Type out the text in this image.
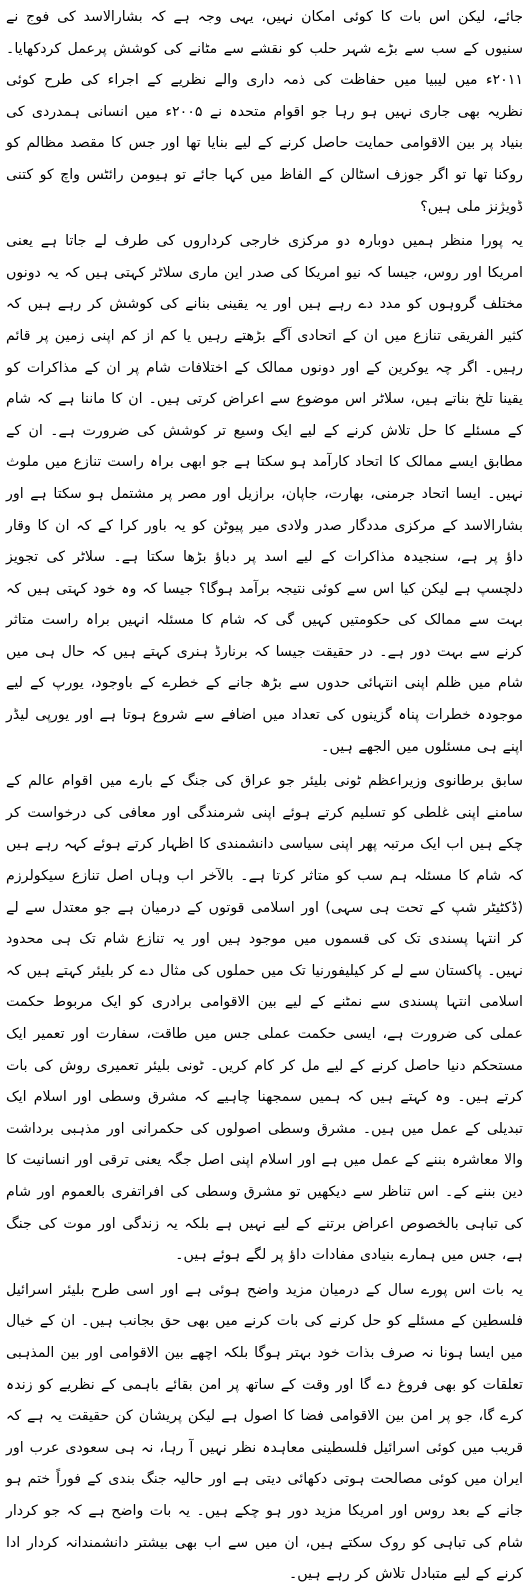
جائے، لیکن اس بات کا کوئی امکان نہیں، یہی وجہ ہے کہ بشارالاسد کی فوج نے سنیوں کے سب سے بڑے شہر حلب کو نقشے سے مٹانے کی کوشش پرعمل کردکھایا۔ ۲۰۱۱ء میں لیبیا میں حفاظت کی ذمہ داری والے نظریے کے اجراء کی طرح کوئی نظریہ بھی جاری نہیں ہو رہا جو اقوام متحدہ نے ۲۰۰۵ء میں انسانی ہمدردی کی بنیاد پر بین الاقوامی حمایت حاصل کرنے کے لیے بنایا تھا اور جس کا مقصد مظالم کو روکنا تھا تو اگر جوزف اسٹالن کے الفاظ میں کہا جائے تو ہیومن رائٹس واچ کو کتنی ڈویژنز ملی ہیں؟

یہ پورا منظر ہمیں دوبارہ دو مرکزی خارجی کرداروں کی طرف لے جاتا ہے یعنی امریکا اور روس، جیسا کہ نیو امریکا کی صدر این ماری سلاٹر کہتی ہیں کہ یہ دونوں مختلف گروہوں کو مدد دے رہے ہیں اور یہ یقینی بنانے کی کوشش کر رہے ہیں کہ کثیر الفریقی تنازع میں ان کے اتحادی آگے بڑھتے رہیں یا کم از کم اپنی زمین پر قائم رہیں۔ اگر چہ یوکرین کے اور دونوں ممالک کے اختلافات شام پر ان کے مذاکرات کو یقینا تلخ بناتے ہیں، سلاٹر اس موضوع سے اعراض کرتی ہیں۔ ان کا ماننا ہے کہ شام کے مسئلے کا حل تلاش کرنے کے لیے ایک وسیع تر کوشش کی ضرورت ہے۔ ان کے مطابق ایسے ممالک کا اتحاد کارآمد ہو سکتا ہے جو ابھی براہ راست تنازع میں ملوث نہیں۔ ایسا اتحاد جرمنی، بھارت، جاپان، برازیل اور مصر پر مشتمل ہو سکتا ہے اور بشارالاسد کے مرکزی مددگار صدر ولادی میر پیوٹن کو یہ باور کرا کے کہ ان کا وقار داؤ پر ہے، سنجیدہ مذاکرات کے لیے اسد پر دباؤ بڑھا سکتا ہے۔ سلاٹر کی تجویز دلچسپ ہے لیکن کیا اس سے کوئی نتیجہ برآمد ہوگا؟ جیسا کہ وہ خود کہتی ہیں کہ بہت سے ممالک کی حکومتیں کہیں گی کہ شام کا مسئلہ انہیں براہ راست متاثر کرنے سے بہت دور ہے۔ در حقیقت جیسا کہ برنارڈ ہنری کہتے ہیں کہ حال ہی میں شام میں ظلم اپنی انتہائی حدوں سے بڑھ جانے کے خطرے کے باوجود، یورپ کے لیے موجودہ خطرات پناہ گزینوں کی تعداد میں اضافے سے شروع ہوتا ہے اور یورپی لیڈر اپنے ہی مسئلوں میں الجھے ہیں۔

سابق برطانوی وزیراعظم ٹونی بلیئر جو عراق کی جنگ کے بارے میں اقوام عالم کے سامنے اپنی غلطی کو تسلیم کرتے ہوئے اپنی شرمندگی اور معافی کی درخواست کر چکے ہیں اب ایک مرتبہ پھر اپنی سیاسی دانشمندی کا اظہار کرتے ہوئے کہہ رہے ہیں کہ شام کا مسئلہ ہم سب کو متاثر کرتا ہے۔ بالآخر اب وہاں اصل تنازع سیکولرزم (ڈکٹیٹر شپ کے تحت ہی سہی) اور اسلامی قوتوں کے درمیان ہے جو معتدل سے لے کر انتہا پسندی تک کی قسموں میں موجود ہیں اور یہ تنازع شام تک ہی محدود نہیں۔ پاکستان سے لے کر کیلیفورنیا تک میں حملوں کی مثال دے کر بلیئر کہتے ہیں کہ اسلامی انتہا پسندی سے نمٹنے کے لیے بین الاقوامی برادری کو ایک مربوط حکمت عملی کی ضرورت ہے، ایسی حکمت عملی جس میں طاقت، سفارت اور تعمیر ایک مستحکم دنیا حاصل کرنے کے لیے مل کر کام کریں۔ ٹونی بلیئر تعمیری روش کی بات کرتے ہیں۔ وہ کہتے ہیں کہ ہمیں سمجھنا چاہیے کہ مشرق وسطی اور اسلام ایک تبدیلی کے عمل میں ہیں۔ مشرق وسطی اصولوں کی حکمرانی اور مذہبی برداشت والا معاشرہ بننے کے عمل میں ہے اور اسلام اپنی اصل جگہ یعنی ترقی اور انسانیت کا دین بننے کے۔ اس تناظر سے دیکھیں تو مشرق وسطی کی افراتفری بالعموم اور شام کی تباہی بالخصوص اعراض برتنے کے لیے نہیں ہے بلکہ یہ زندگی اور موت کی جنگ ہے، جس میں ہمارے بنیادی مفادات داؤ پر لگے ہوئے ہیں۔

یہ بات اس پورے سال کے درمیان مزید واضح ہوئی ہے اور اسی طرح بلیئر اسرائیل فلسطین کے مسئلے کو حل کرنے کی بات کرنے میں بھی حق بجانب ہیں۔ ان کے خیال میں ایسا ہونا نہ صرف بذات خود بہتر ہوگا بلکہ اچھے بین الاقوامی اور بین المذہبی تعلقات کو بھی فروغ دے گا اور وقت کے ساتھ پر امن بقائے باہمی کے نظریے کو زندہ کرے گا، جو پر امن بین الاقوامی فضا کا اصول ہے لیکن پریشان کن حقیقت یہ ہے کہ قریب میں کوئی اسرائیل فلسطینی معاہدہ نظر نہیں آ رہا، نہ ہی سعودی عرب اور ایران میں کوئی مصالحت ہوتی دکھائی دیتی ہے اور حالیہ جنگ بندی کے فوراً ختم ہو جانے کے بعد روس اور امریکا مزید دور ہو چکے ہیں۔ یہ بات واضح ہے کہ جو کردار شام کی تباہی کو روک سکتے ہیں، ان میں سے اب بھی بیشتر دانشمندانہ کردار ادا کرنے کے لیے متبادل تلاش کر رہے ہیں۔
